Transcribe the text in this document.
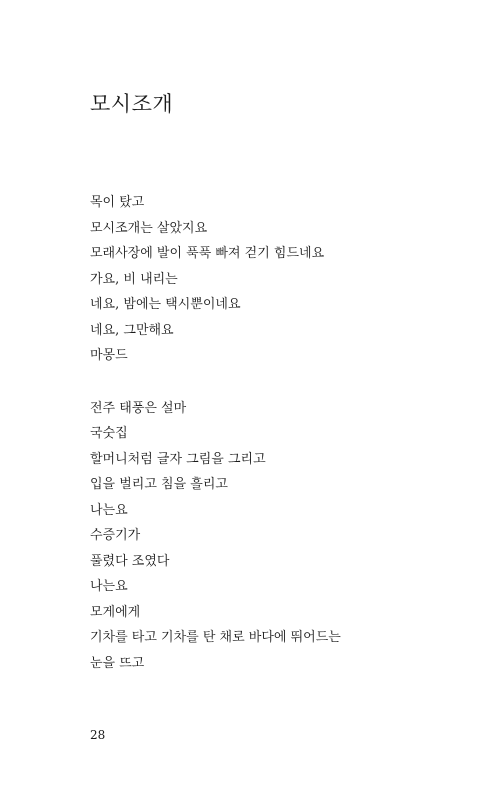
모시조개

목이 탔고
모시조개는 살았지요
모래사장에 발이 푹푹 빠져 걷기 힘드네요
가요, 비 내리는
네요, 밤에는 택시뿐이네요
네요, 그만해요
마몽드

전주 태풍은 설마
국숫집
할머니처럼 글자 그림을 그리고
입을 벌리고 침을 흘리고
나는요
수증기가
풀렸다 조였다
나는요
모게에게
기차를 타고 기차를 탄 채로 바다에 뛰어드는
눈을 뜨고

28
